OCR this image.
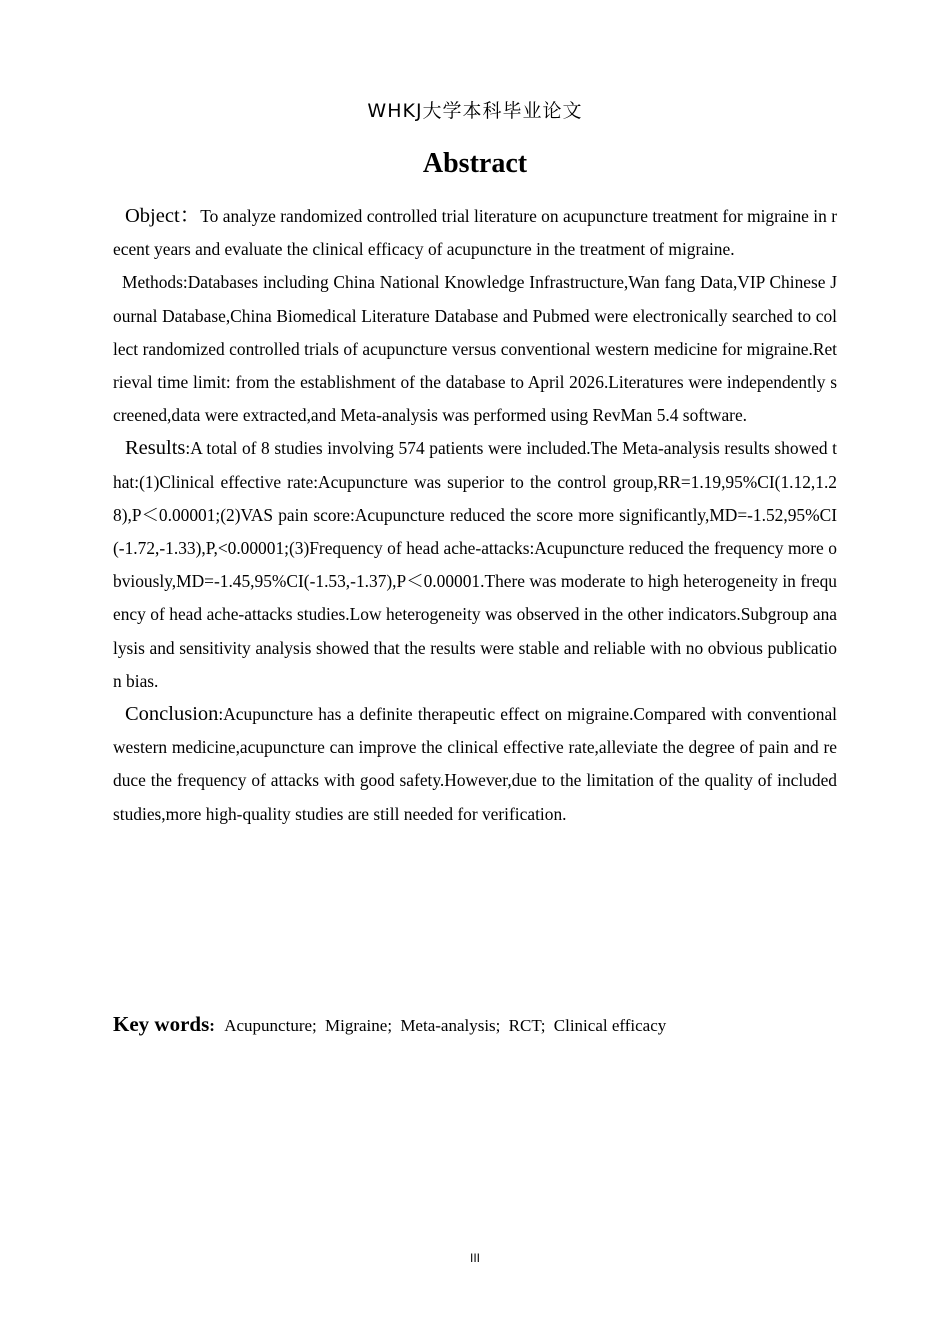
WHKJ大学本科毕业论文
Abstract

Object：To analyze randomized controlled trial literature on acupuncture treatment for migraine in recent years and evaluate the clinical efficacy of acupuncture in the treatment of migraine.

Methods:Databases including China National Knowledge Infrastructure,Wan fang Data,VIP Chinese Journal Database,China Biomedical Literature Database and Pubmed were electronically searched to collect randomized controlled trials of acupuncture versus conventional western medicine for migraine.Retrieval time limit: from the establishment of the database to April 2026.Literatures were independently screened,data were extracted,and Meta-analysis was performed using RevMan 5.4 software.

Results:A total of 8 studies involving 574 patients were included.The Meta-analysis results showed that:(1)Clinical effective rate:Acupuncture was superior to the control group,RR=1.19,95%CI(1.12,1.28),P＜0.00001;(2)VAS pain score:Acupuncture reduced the score more significantly,MD=-1.52,95%CI(-1.72,-1.33),P,<0.00001;(3)Frequency of head ache-attacks:Acupuncture reduced the frequency more obviously,MD=-1.45,95%CI(-1.53,-1.37),P＜0.00001.There was moderate to high heterogeneity in frequency of head ache-attacks studies.Low heterogeneity was observed in the other indicators.Subgroup analysis and sensitivity analysis showed that the results were stable and reliable with no obvious publication bias.

Conclusion:Acupuncture has a definite therapeutic effect on migraine.Compared with conventional western medicine,acupuncture can improve the clinical effective rate,alleviate the degree of pain and reduce the frequency of attacks with good safety.However,due to the limitation of the quality of included studies,more high-quality studies are still needed for verification.

Key words: Acupuncture; Migraine; Meta-analysis; RCT; Clinical efficacy
III
